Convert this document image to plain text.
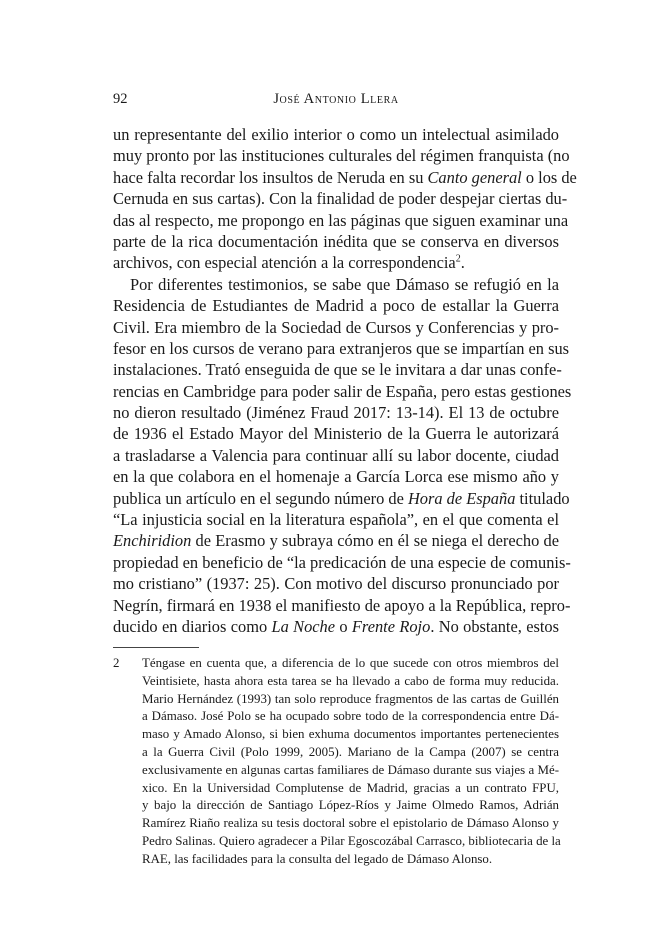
92	José Antonio Llera
un representante del exilio interior o como un intelectual asimilado
muy pronto por las instituciones culturales del régimen franquista (no
hace falta recordar los insultos de Neruda en su Canto general o los de
Cernuda en sus cartas). Con la finalidad de poder despejar ciertas du-
das al respecto, me propongo en las páginas que siguen examinar una
parte de la rica documentación inédita que se conserva en diversos
archivos, con especial atención a la correspondencia$^2$.
Por diferentes testimonios, se sabe que Dámaso se refugió en la
Residencia de Estudiantes de Madrid a poco de estallar la Guerra
Civil. Era miembro de la Sociedad de Cursos y Conferencias y pro-
fesor en los cursos de verano para extranjeros que se impartían en sus
instalaciones. Trató enseguida de que se le invitara a dar unas confe-
rencias en Cambridge para poder salir de España, pero estas gestiones
no dieron resultado (Jiménez Fraud 2017: 13-14). El 13 de octubre
de 1936 el Estado Mayor del Ministerio de la Guerra le autorizará
a trasladarse a Valencia para continuar allí su labor docente, ciudad
en la que colabora en el homenaje a García Lorca ese mismo año y
publica un artículo en el segundo número de Hora de España titulado
“La injusticia social en la literatura española”, en el que comenta el
Enchiridion de Erasmo y subraya cómo en él se niega el derecho de
propiedad en beneficio de “la predicación de una especie de comunis-
mo cristiano” (1937: 25). Con motivo del discurso pronunciado por
Negrín, firmará en 1938 el manifiesto de apoyo a la República, repro-
ducido en diarios como La Noche o Frente Rojo. No obstante, estos
2 Téngase en cuenta que, a diferencia de lo que sucede con otros miembros del
Veintisiete, hasta ahora esta tarea se ha llevado a cabo de forma muy reducida.
Mario Hernández (1993) tan solo reproduce fragmentos de las cartas de Guillén
a Dámaso. José Polo se ha ocupado sobre todo de la correspondencia entre Dá-
maso y Amado Alonso, si bien exhuma documentos importantes pertenecientes
a la Guerra Civil (Polo 1999, 2005). Mariano de la Campa (2007) se centra
exclusivamente en algunas cartas familiares de Dámaso durante sus viajes a Mé-
xico. En la Universidad Complutense de Madrid, gracias a un contrato FPU,
y bajo la dirección de Santiago López-Ríos y Jaime Olmedo Ramos, Adrián
Ramírez Riaño realiza su tesis doctoral sobre el epistolario de Dámaso Alonso y
Pedro Salinas. Quiero agradecer a Pilar Egoscozábal Carrasco, bibliotecaria de la
RAE, las facilidades para la consulta del legado de Dámaso Alonso.
